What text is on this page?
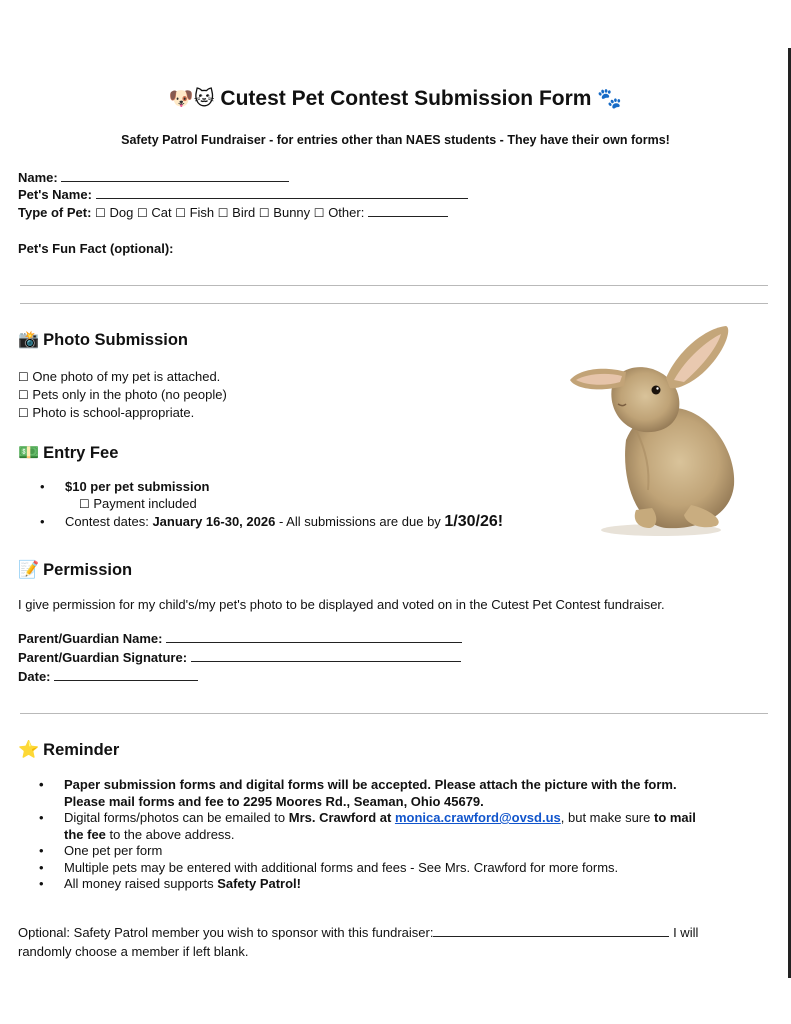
🐶🐱 Cutest Pet Contest Submission Form 🐾
Safety Patrol Fundraiser - for entries other than NAES students - They have their own forms!
Name:
Pet's Name:
Type of Pet: ☐ Dog ☐ Cat ☐ Fish ☐ Bird ☐ Bunny ☐ Other:
Pet's Fun Fact (optional):
📸 Photo Submission
☐ One photo of my pet is attached.
☐ Pets only in the photo (no people)
☐ Photo is school-appropriate.
💵 Entry Fee
• $10 per pet submission
☐ Payment included
• Contest dates: January 16-30, 2026 - All submissions are due by 1/30/26!
📝 Permission
I give permission for my child's/my pet's photo to be displayed and voted on in the Cutest Pet Contest fundraiser.
Parent/Guardian Name:
Parent/Guardian Signature:
Date:
⭐ Reminder
• Paper submission forms and digital forms will be accepted. Please attach the picture with the form.
Please mail forms and fee to 2295 Moores Rd., Seaman, Ohio 45679.
• Digital forms/photos can be emailed to Mrs. Crawford at monica.crawford@ovsd.us, but make sure to mail
the fee to the above address.
• One pet per form
• Multiple pets may be entered with additional forms and fees - See Mrs. Crawford for more forms.
• All money raised supports Safety Patrol!
Optional: Safety Patrol member you wish to sponsor with this fundraiser:	I will
randomly choose a member if left blank.
